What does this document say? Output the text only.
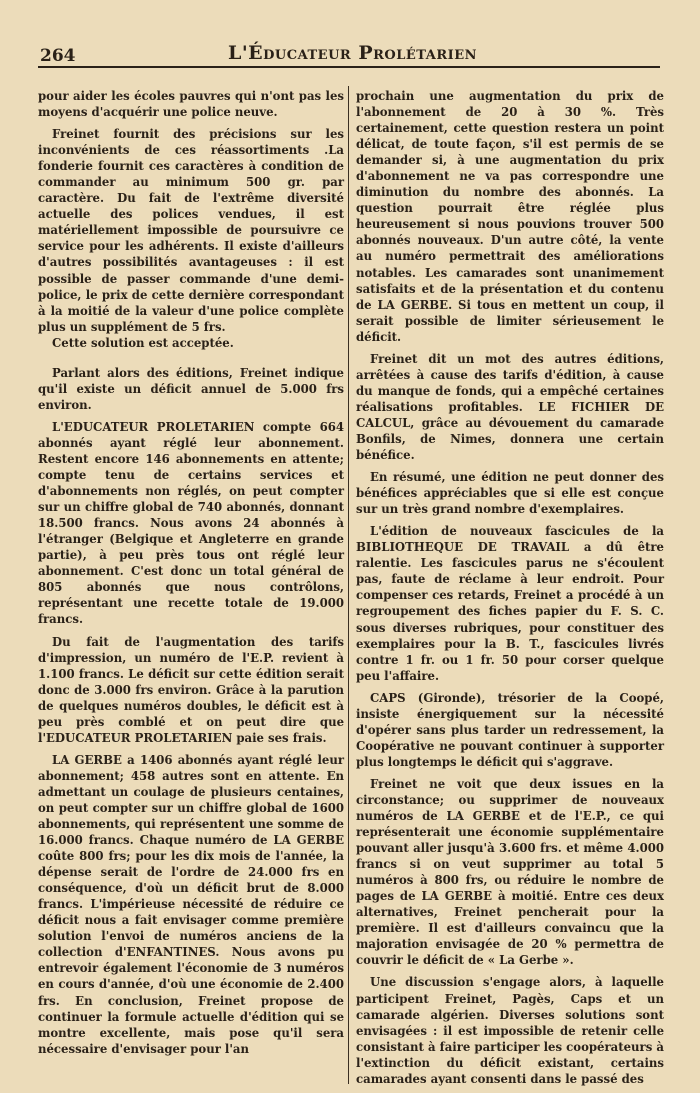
264	L'Éducateur Prolétarien

pour aider les écoles pauvres qui n'ont pas les moyens d'acquérir une police neuve.

Freinet fournit des précisions sur les inconvénients de ces réassortiments .La fonderie fournit ces caractères à condition de commander au minimum 500 gr. par caractère. Du fait de l'extrême diversité actuelle des polices vendues, il est matériellement impossible de poursuivre ce service pour les adhérents. Il existe d'ailleurs d'autres possibilités avantageuses : il est possible de passer commande d'une demi-police, le prix de cette dernière correspondant à la moitié de la valeur d'une police complète plus un supplément de 5 frs.

Cette solution est acceptée.

Parlant alors des éditions, Freinet indique qu'il existe un déficit annuel de 5.000 frs environ.

L'EDUCATEUR PROLETARIEN compte 664 abonnés ayant réglé leur abonnement. Restent encore 146 abonnements en attente; compte tenu de certains services et d'abonnements non réglés, on peut compter sur un chiffre global de 740 abonnés, donnant 18.500 francs. Nous avons 24 abonnés à l'étranger (Belgique et Angleterre en grande partie), à peu près tous ont réglé leur abonnement. C'est donc un total général de 805 abonnés que nous contrôlons, représentant une recette totale de 19.000 francs.

Du fait de l'augmentation des tarifs d'impression, un numéro de l'E.P. revient à 1.100 francs. Le déficit sur cette édition serait donc de 3.000 frs environ. Grâce à la parution de quelques numéros doubles, le déficit est à peu près comblé et on peut dire que l'EDUCATEUR PROLETARIEN paie ses frais.

LA GERBE a 1406 abonnés ayant réglé leur abonnement; 458 autres sont en attente. En admettant un coulage de plusieurs centaines, on peut compter sur un chiffre global de 1600 abonnements, qui représentent une somme de 16.000 francs. Chaque numéro de LA GERBE coûte 800 frs; pour les dix mois de l'année, la dépense serait de l'ordre de 24.000 frs en conséquence, d'où un déficit brut de 8.000 francs. L'impérieuse nécessité de réduire ce déficit nous a fait envisager comme première solution l'envoi de numéros anciens de la collection d'ENFANTINES. Nous avons pu entrevoir également l'économie de 3 numéros en cours d'année, d'où une économie de 2.400 frs. En conclusion, Freinet propose de continuer la formule actuelle d'édition qui se montre excellente, mais pose qu'il sera nécessaire d'envisager pour l'an

prochain une augmentation du prix de l'abonnement de 20 à 30 %. Très certainement, cette question restera un point délicat, de toute façon, s'il est permis de se demander si, à une augmentation du prix d'abonnement ne va pas correspondre une diminution du nombre des abonnés. La question pourrait être réglée plus heureusement si nous pouvions trouver 500 abonnés nouveaux. D'un autre côté, la vente au numéro permettrait des améliorations notables. Les camarades sont unanimement satisfaits et de la présentation et du contenu de LA GERBE. Si tous en mettent un coup, il serait possible de limiter sérieusement le déficit.

Freinet dit un mot des autres éditions, arrêtées à cause des tarifs d'édition, à cause du manque de fonds, qui a empêché certaines réalisations profitables. LE FICHIER DE CALCUL, grâce au dévouement du camarade Bonfils, de Nimes, donnera une certain bénéfice.

En résumé, une édition ne peut donner des bénéfices appréciables que si elle est conçue sur un très grand nombre d'exemplaires.

L'édition de nouveaux fascicules de la BIBLIOTHEQUE DE TRAVAIL a dû être ralentie. Les fascicules parus ne s'écoulent pas, faute de réclame à leur endroit. Pour compenser ces retards, Freinet a procédé à un regroupement des fiches papier du F. S. C. sous diverses rubriques, pour constituer des exemplaires pour la B. T., fascicules livrés contre 1 fr. ou 1 fr. 50 pour corser quelque peu l'affaire.

CAPS (Gironde), trésorier de la Coopé, insiste énergiquement sur la nécessité d'opérer sans plus tarder un redressement, la Coopérative ne pouvant continuer à supporter plus longtemps le déficit qui s'aggrave.

Freinet ne voit que deux issues en la circonstance; ou supprimer de nouveaux numéros de LA GERBE et de l'E.P., ce qui représenterait une économie supplémentaire pouvant aller jusqu'à 3.600 frs. et même 4.000 francs si on veut supprimer au total 5 numéros à 800 frs, ou réduire le nombre de pages de LA GERBE à moitié. Entre ces deux alternatives, Freinet pencherait pour la première. Il est d'ailleurs convaincu que la majoration envisagée de 20 % permettra de couvrir le déficit de « La Gerbe ».

Une discussion s'engage alors, à laquelle participent Freinet, Pagès, Caps et un camarade algérien. Diverses solutions sont envisagées : il est impossible de retenir celle consistant à faire participer les coopérateurs à l'extinction du déficit existant, certains camarades ayant consenti dans le passé des
